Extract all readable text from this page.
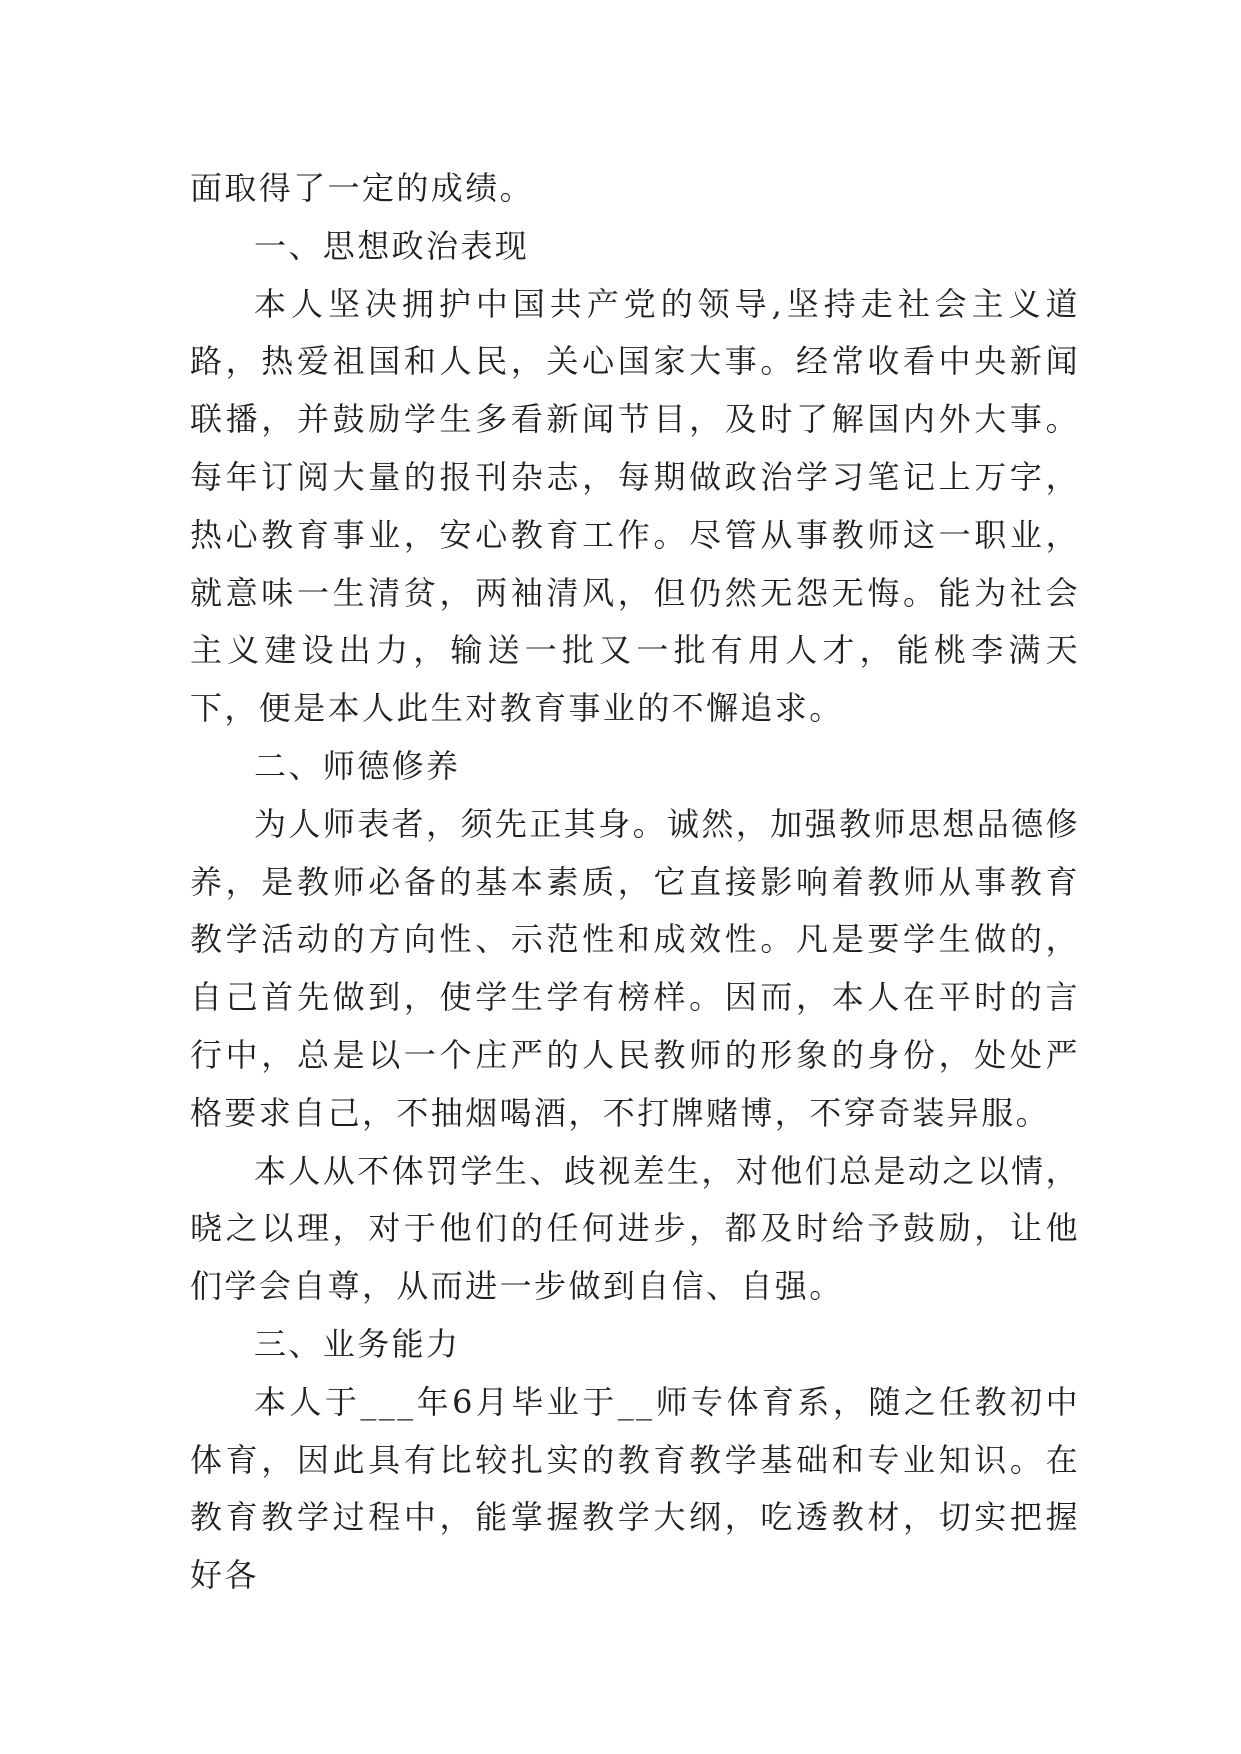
面取得了一定的成绩。

一、思想政治表现

本人坚决拥护中国共产党的领导,坚持走社会主义道路，热爱祖国和人民，关心国家大事。经常收看中央新闻联播，并鼓励学生多看新闻节目，及时了解国内外大事。每年订阅大量的报刊杂志，每期做政治学习笔记上万字，热心教育事业，安心教育工作。尽管从事教师这一职业，就意味一生清贫，两袖清风，但仍然无怨无悔。能为社会主义建设出力，输送一批又一批有用人才，能桃李满天下，便是本人此生对教育事业的不懈追求。

二、师德修养

为人师表者，须先正其身。诚然，加强教师思想品德修养，是教师必备的基本素质，它直接影响着教师从事教育教学活动的方向性、示范性和成效性。凡是要学生做的，自己首先做到，使学生学有榜样。因而，本人在平时的言行中，总是以一个庄严的人民教师的形象的身份，处处严格要求自己，不抽烟喝酒，不打牌赌博，不穿奇装异服。

本人从不体罚学生、歧视差生，对他们总是动之以情，晓之以理，对于他们的任何进步，都及时给予鼓励，让他们学会自尊，从而进一步做到自信、自强。

三、业务能力

本人于___年6月毕业于__师专体育系，随之任教初中体育，因此具有比较扎实的教育教学基础和专业知识。在教育教学过程中，能掌握教学大纲，吃透教材，切实把握好各
